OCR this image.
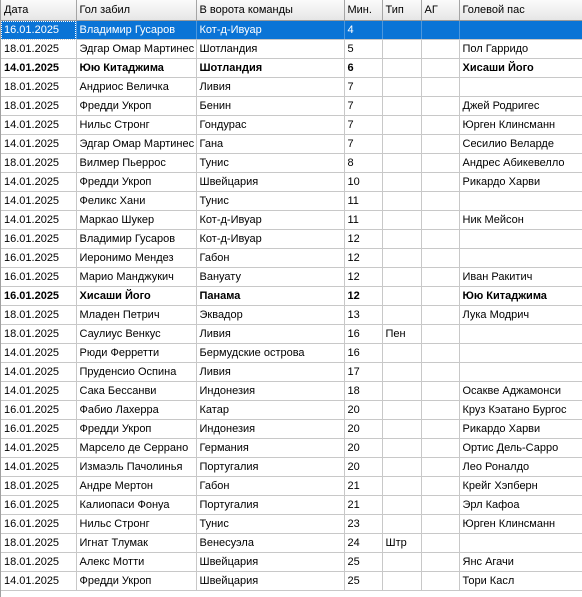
Дата	Гол забил	В ворота команды	Мин.	Тип	АГ	Голевой пас
16.01.2025	Владимир Гусаров	Кот-д-Ивуар	4			
18.01.2025	Эдгар Омар Мартинес	Шотландия	5			Пол Гарридо
14.01.2025	Юю Китаджима	Шотландия	6			Хисаши Його
18.01.2025	Андриос Величка	Ливия	7			
18.01.2025	Фредди Укроп	Бенин	7			Джей Родригес
14.01.2025	Нильс Стронг	Гондурас	7			Юрген Клинсманн
14.01.2025	Эдгар Омар Мартинес	Гана	7			Сесилио Веларде
18.01.2025	Вилмер Пьеррос	Тунис	8			Андрес Абикевелло
14.01.2025	Фредди Укроп	Швейцария	10			Рикардо Харви
14.01.2025	Феликс Хани	Тунис	11			
14.01.2025	Маркао Шукер	Кот-д-Ивуар	11			Ник Мейсон
16.01.2025	Владимир Гусаров	Кот-д-Ивуар	12			
16.01.2025	Иеронимо Мендез	Габон	12			
16.01.2025	Марио Манджукич	Вануату	12			Иван Ракитич
16.01.2025	Хисаши Його	Панама	12			Юю Китаджима
18.01.2025	Младен Петрич	Эквадор	13			Лука Модрич
18.01.2025	Саулиус Венкус	Ливия	16	Пен		
14.01.2025	Рюди Ферретти	Бермудские острова	16			
14.01.2025	Пруденсио Оспина	Ливия	17			
14.01.2025	Сака Бессанви	Индонезия	18			Осакве Аджамонси
16.01.2025	Фабио Лахерра	Катар	20			Круз Кэатано Бургос
16.01.2025	Фредди Укроп	Индонезия	20			Рикардо Харви
14.01.2025	Марсело де Серрано	Германия	20			Ортис Дель-Сарро
14.01.2025	Измаэль Пачолинья	Португалия	20			Лео Роналдо
18.01.2025	Андре Мертон	Габон	21			Крейг Хэпберн
16.01.2025	Калиопаси Фонуа	Португалия	21			Эрл Кафоа
16.01.2025	Нильс Стронг	Тунис	23			Юрген Клинсманн
18.01.2025	Игнат Тлумак	Венесуэла	24	Штр		
18.01.2025	Алекс Мотти	Швейцария	25			Янс Агачи
14.01.2025	Фредди Укроп	Швейцария	25			Тори Касл
